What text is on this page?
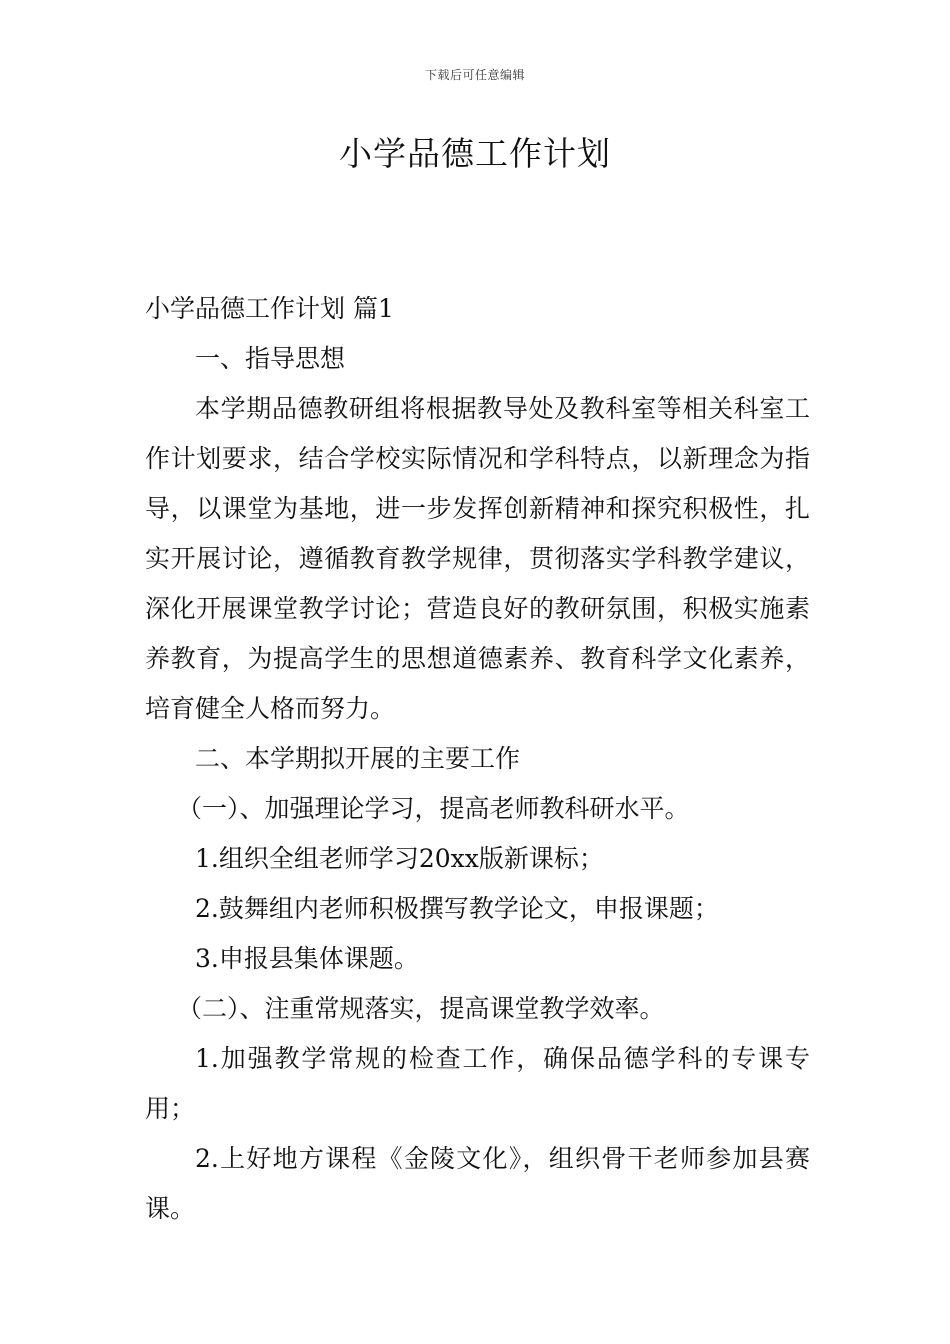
下载后可任意编辑
小学品德工作计划
小学品德工作计划 篇1
一、指导思想
本学期品德教研组将根据教导处及教科室等相关科室工作计划要求，结合学校实际情况和学科特点，以新理念为指导，以课堂为基地，进一步发挥创新精神和探究积极性，扎实开展讨论，遵循教育教学规律，贯彻落实学科教学建议，深化开展课堂教学讨论；营造良好的教研氛围，积极实施素养教育，为提高学生的思想道德素养、教育科学文化素养，培育健全人格而努力。
二、本学期拟开展的主要工作
（一）、加强理论学习，提高老师教科研水平。
1.组织全组老师学习20xx版新课标；
2.鼓舞组内老师积极撰写教学论文，申报课题；
3.申报县集体课题。
（二）、注重常规落实，提高课堂教学效率。
1.加强教学常规的检查工作，确保品德学科的专课专用；
2.上好地方课程《金陵文化》，组织骨干老师参加县赛课。
